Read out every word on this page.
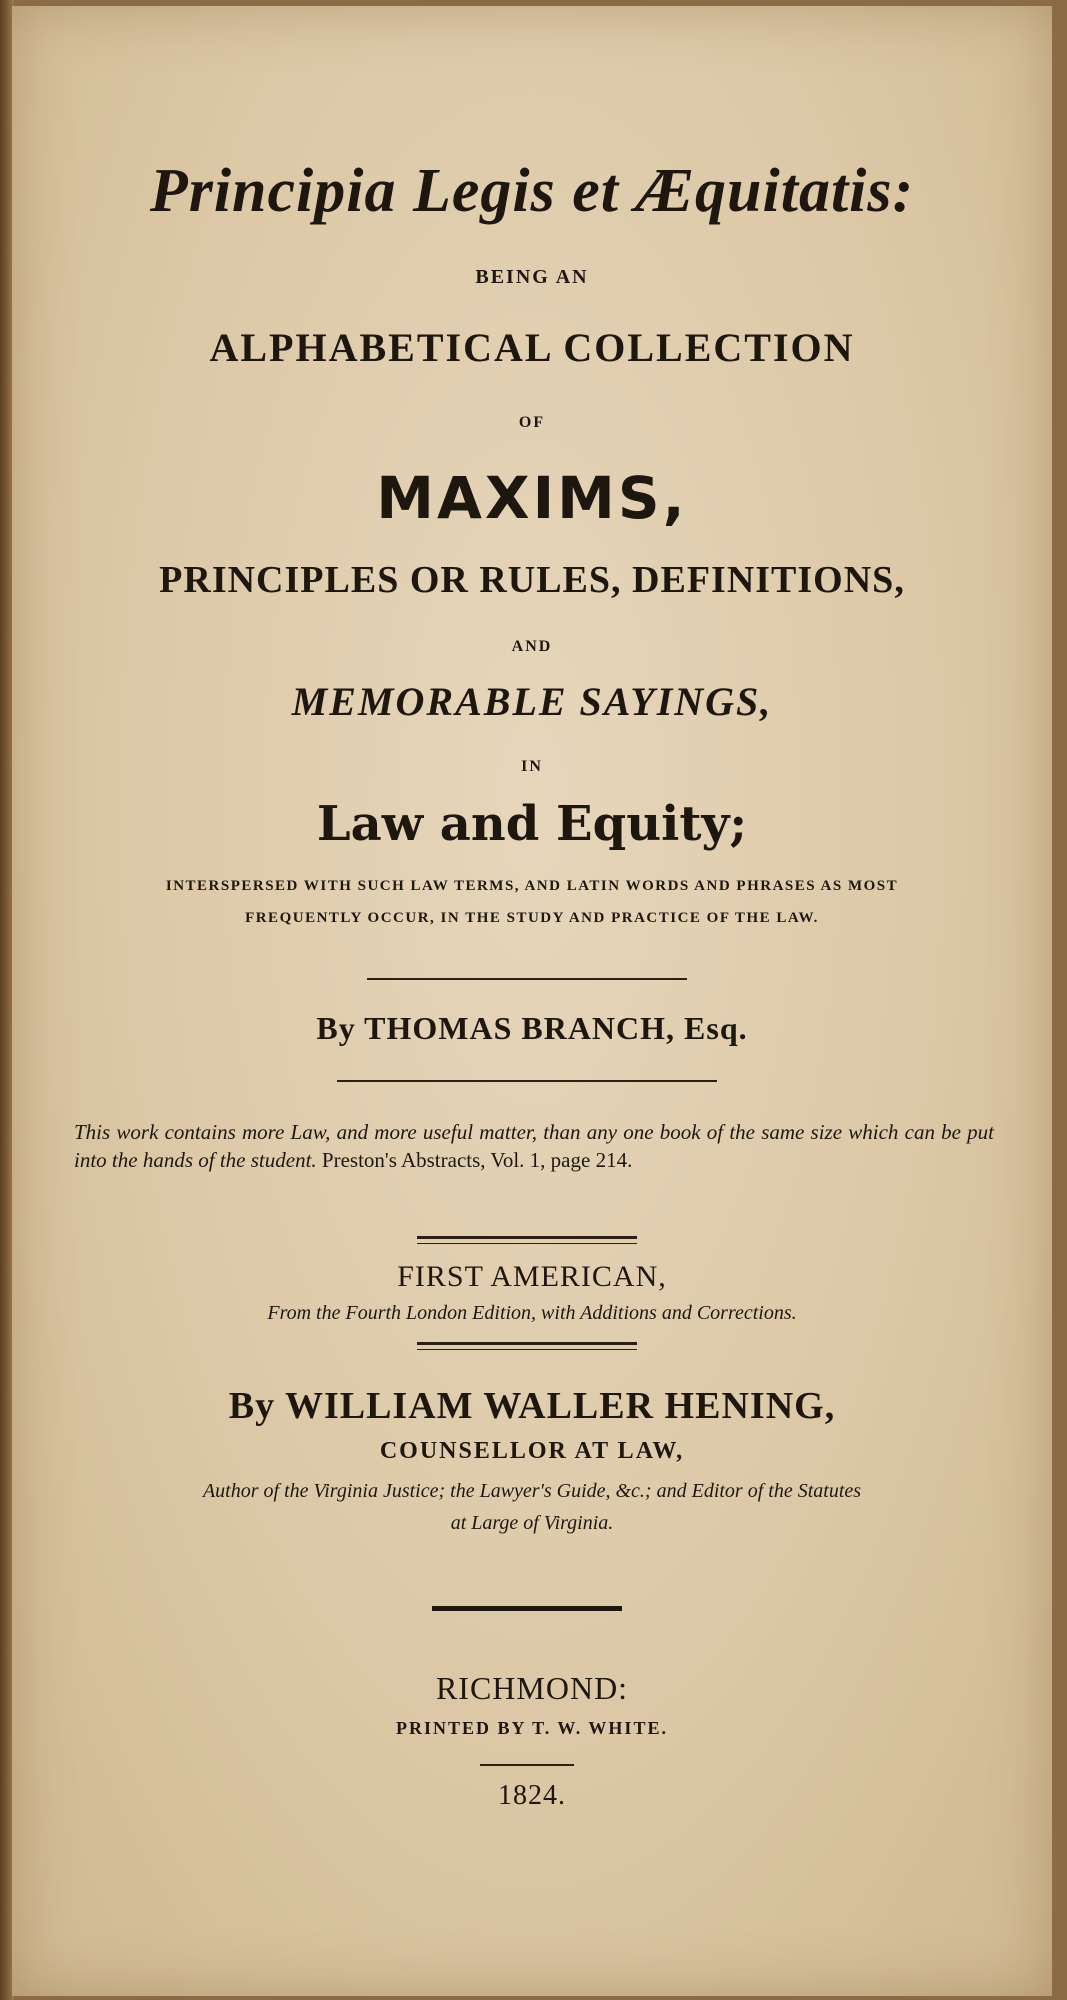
Principia Legis et Æquitatis:
BEING AN
ALPHABETICAL COLLECTION
OF
MAXIMS,
PRINCIPLES OR RULES, DEFINITIONS,
AND
MEMORABLE SAYINGS,
IN
Law and Equity;
INTERSPERSED WITH SUCH LAW TERMS, AND LATIN WORDS AND PHRASES AS MOST
FREQUENTLY OCCUR, IN THE STUDY AND PRACTICE OF THE LAW.
By THOMAS BRANCH, Esq.
This work contains more Law, and more useful matter, than any one book of the same size which can be put into the hands of the student. Preston's Abstracts, Vol. 1, page 214.
FIRST AMERICAN,
From the Fourth London Edition, with Additions and Corrections.
By WILLIAM WALLER HENING,
COUNSELLOR AT LAW,
Author of the Virginia Justice; the Lawyer's Guide, &c.; and Editor of the Statutes
at Large of Virginia.
RICHMOND:
PRINTED BY T. W. WHITE.
1824.
